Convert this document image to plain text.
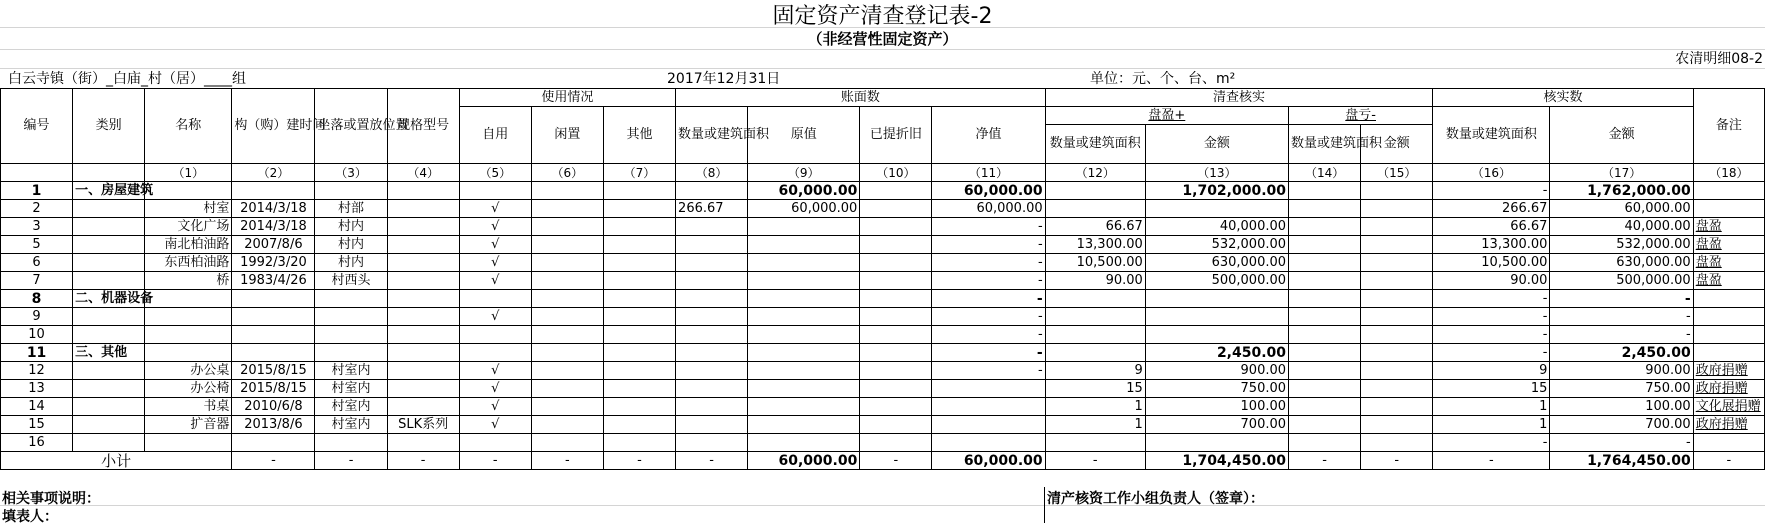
固定资产清查登记表-2
（非经营性固定资产）
农清明细08-2
白云寺镇（街）_白庙_村（居）____组	2017年12月31日	单位：元、个、台、m²
编号	类别	名称	构（购）建时间	坐落或置放位置	规格型号	使用情况			账面数				清查核实				核实数		备注
						自用	闲置	其他	数量或建筑面积	原值	已提折旧	净值	盘盈+		盘亏-		数量或建筑面积	金额	
													数量或建筑面积	金额	数量或建筑面积	金额			
		（1）	（2）	（3）	（4）	（5）	（6）	（7）	（8）	（9）	（10）	（11）	（12）	（13）	（14）	（15）	（16）	（17）	（18）
1	一、房屋建筑									60,000.00		60,000.00		1,702,000.00			-	1,762,000.00	
2		村室	2014/3/18	村部		√			266.67	60,000.00		60,000.00					266.67	60,000.00	
3		文化广场	2014/3/18	村内		√						-	66.67	40,000.00			66.67	40,000.00	盘盈
5		南北柏油路	2007/8/6	村内		√						-	13,300.00	532,000.00			13,300.00	532,000.00	盘盈
6		东西柏油路	1992/3/20	村内		√						-	10,500.00	630,000.00			10,500.00	630,000.00	盘盈
7		桥	1983/4/26	村西头		√						-	90.00	500,000.00			90.00	500,000.00	盘盈
8	二、机器设备											-					-	-	
9						√						-					-	-	
10												-					-	-	
11	三、其他											-		2,450.00			-	2,450.00	
12		办公桌	2015/8/15	村室内		√						-	9	900.00			9	900.00	政府捐赠
13		办公椅	2015/8/15	村室内		√							15	750.00			15	750.00	政府捐赠
14		书桌	2010/6/8	村室内		√							1	100.00			1	100.00	文化展捐赠
15		扩音器	2013/8/6	村室内	SLK系列	√							1	700.00			1	700.00	政府捐赠
16																	-	-	
小计			-	-	-	-	-	-	-	60,000.00	-	60,000.00	-	1,704,450.00	-	-	-	1,764,450.00	-
相关事项说明：
填表人：
清产核资工作小组负责人（签章）：
